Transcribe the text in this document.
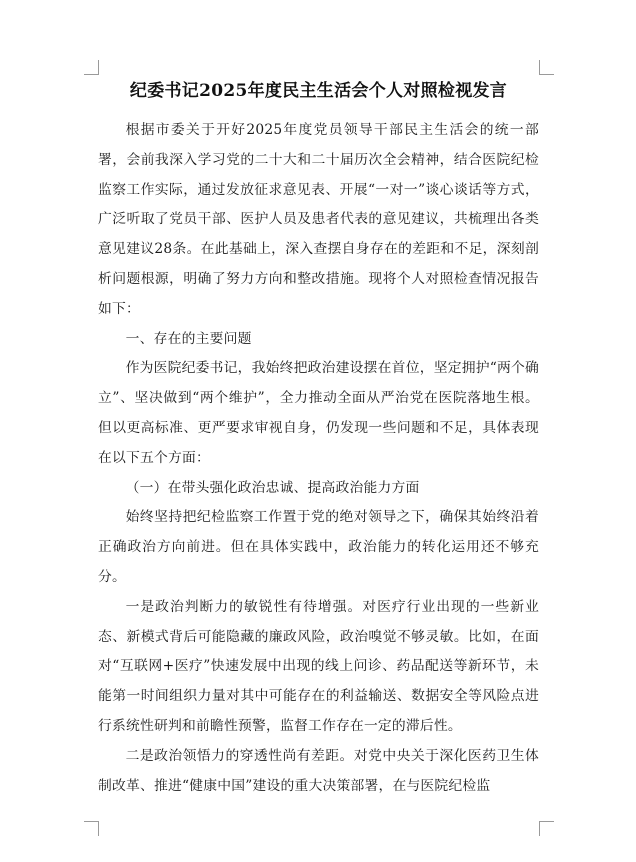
纪委书记2025年度民主生活会个人对照检视发言

根据市委关于开好2025年度党员领导干部民主生活会的统一部署，会前我深入学习党的二十大和二十届历次全会精神，结合医院纪检监察工作实际，通过发放征求意见表、开展“一对一”谈心谈话等方式，广泛听取了党员干部、医护人员及患者代表的意见建议，共梳理出各类意见建议28条。在此基础上，深入查摆自身存在的差距和不足，深刻剖析问题根源，明确了努力方向和整改措施。现将个人对照检查情况报告如下：

一、存在的主要问题

作为医院纪委书记，我始终把政治建设摆在首位，坚定拥护“两个确立”、坚决做到“两个维护”，全力推动全面从严治党在医院落地生根。但以更高标准、更严要求审视自身，仍发现一些问题和不足，具体表现在以下五个方面：

（一）在带头强化政治忠诚、提高政治能力方面

始终坚持把纪检监察工作置于党的绝对领导之下，确保其始终沿着正确政治方向前进。但在具体实践中，政治能力的转化运用还不够充分。

一是政治判断力的敏锐性有待增强。对医疗行业出现的一些新业态、新模式背后可能隐藏的廉政风险，政治嗅觉不够灵敏。比如，在面对“互联网+医疗”快速发展中出现的线上问诊、药品配送等新环节，未能第一时间组织力量对其中可能存在的利益输送、数据安全等风险点进行系统性研判和前瞻性预警，监督工作存在一定的滞后性。

二是政治领悟力的穿透性尚有差距。对党中央关于深化医药卫生体制改革、推进“健康中国”建设的重大决策部署，在与医院纪检监
